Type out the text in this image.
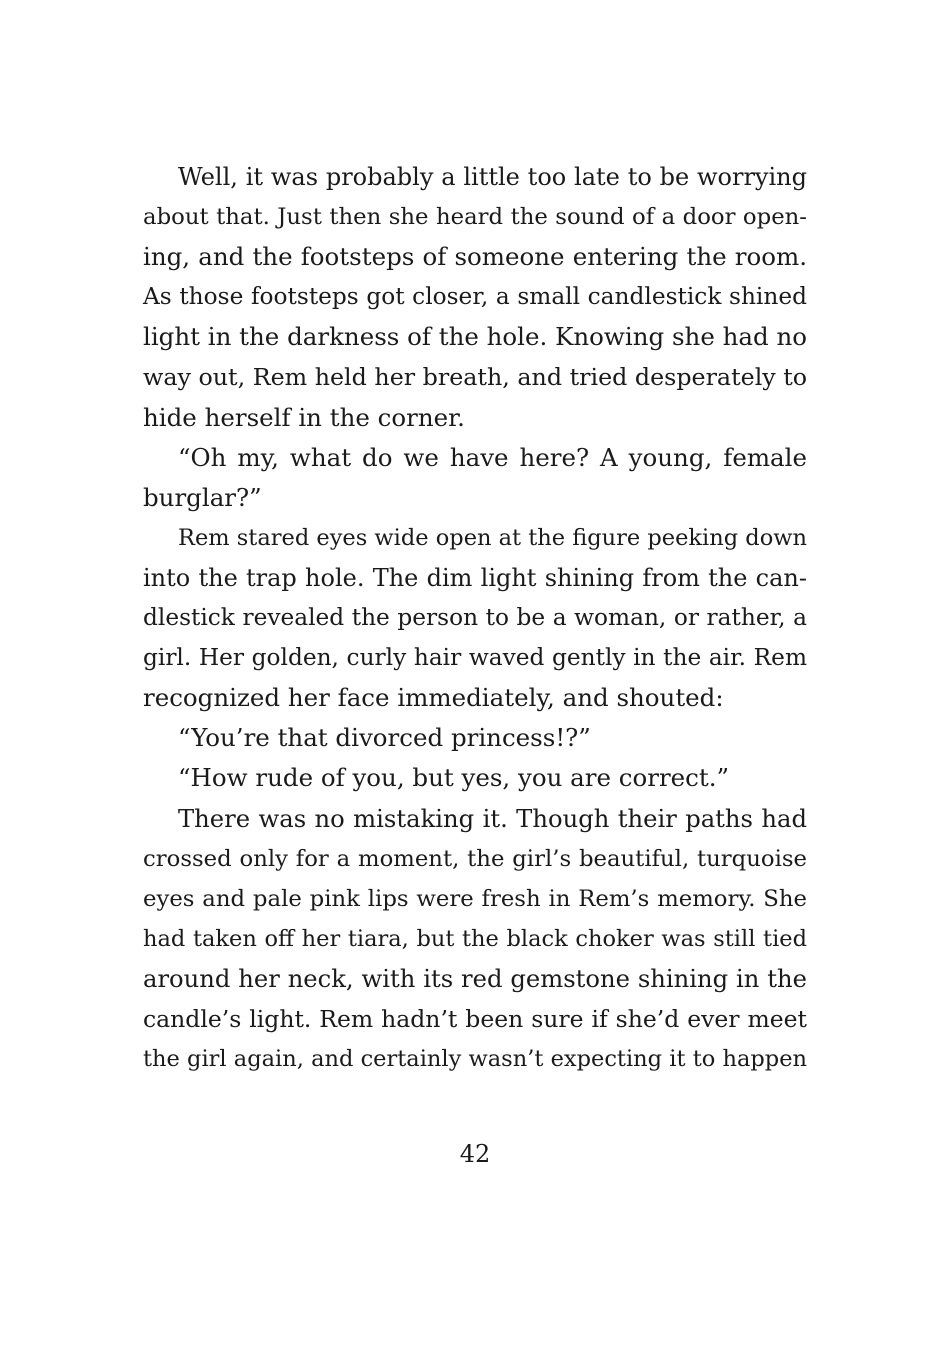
Well, it was probably a little too late to be worrying
about that. Just then she heard the sound of a door open-
ing, and the footsteps of someone entering the room.
As those footsteps got closer, a small candlestick shined
light in the darkness of the hole. Knowing she had no
way out, Rem held her breath, and tried desperately to
hide herself in the corner.
“Oh my, what do we have here? A young, female
burglar?”
Rem stared eyes wide open at the figure peeking down
into the trap hole. The dim light shining from the can-
dlestick revealed the person to be a woman, or rather, a
girl. Her golden, curly hair waved gently in the air. Rem
recognized her face immediately, and shouted:
“You’re that divorced princess!?”
“How rude of you, but yes, you are correct.”
There was no mistaking it. Though their paths had
crossed only for a moment, the girl’s beautiful, turquoise
eyes and pale pink lips were fresh in Rem’s memory. She
had taken off her tiara, but the black choker was still tied
around her neck, with its red gemstone shining in the
candle’s light. Rem hadn’t been sure if she’d ever meet
the girl again, and certainly wasn’t expecting it to happen
42
